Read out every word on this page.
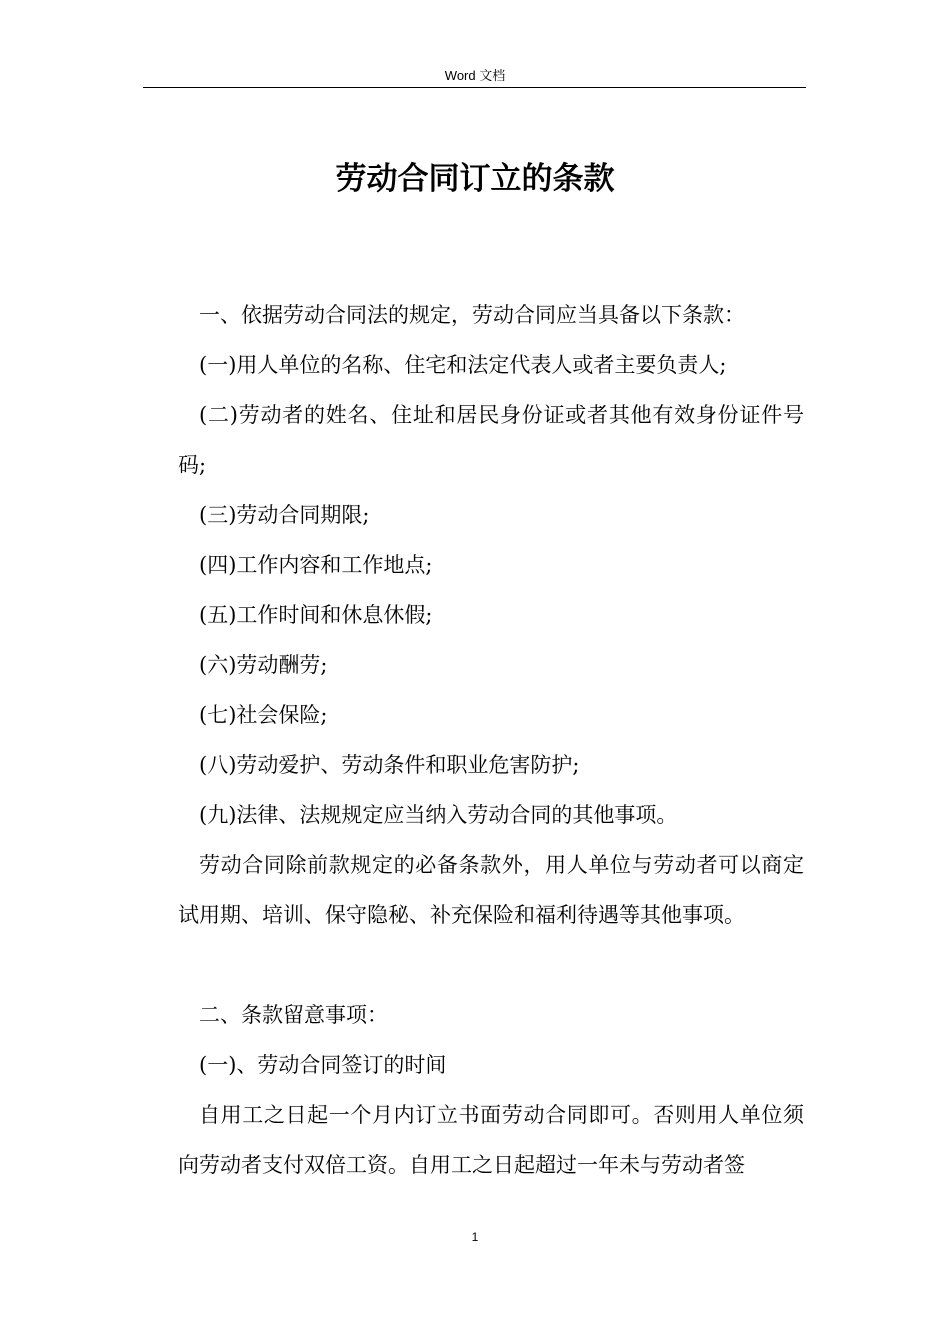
Word 文档
劳动合同订立的条款

一、依据劳动合同法的规定，劳动合同应当具备以下条款：

(一)用人单位的名称、住宅和法定代表人或者主要负责人;

(二)劳动者的姓名、住址和居民身份证或者其他有效身份证件号码;

(三)劳动合同期限;

(四)工作内容和工作地点;

(五)工作时间和休息休假;

(六)劳动酬劳;

(七)社会保险;

(八)劳动爱护、劳动条件和职业危害防护;

(九)法律、法规规定应当纳入劳动合同的其他事项。

劳动合同除前款规定的必备条款外，用人单位与劳动者可以商定试用期、培训、保守隐秘、补充保险和福利待遇等其他事项。

二、条款留意事项：

(一)、劳动合同签订的时间

自用工之日起一个月内订立书面劳动合同即可。否则用人单位须向劳动者支付双倍工资。自用工之日起超过一年未与劳动者签

1
